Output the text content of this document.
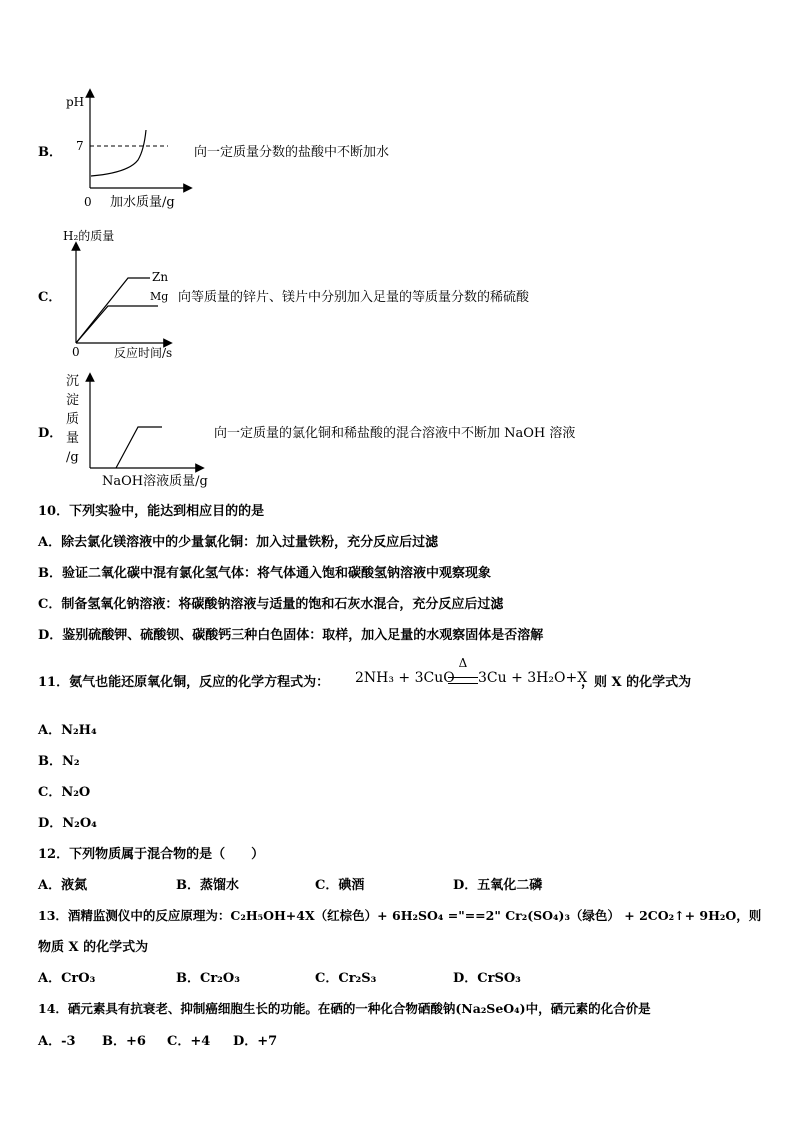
B．
pH
7
0 加水质量/g
向一定质量分数的盐酸中不断加水
C．
H₂的质量
Zn
Mg
0	反应时间/s
向等质量的锌片、镁片中分别加入足量的等质量分数的稀硫酸
D．
沉
淀
质
量
/g
NaOH溶液质量/g
向一定质量的氯化铜和稀盐酸的混合溶液中不断加 NaOH 溶液
10．下列实验中，能达到相应目的的是
A．除去氯化镁溶液中的少量氯化铜：加入过量铁粉，充分反应后过滤
B．验证二氧化碳中混有氯化氢气体：将气体通入饱和碳酸氢钠溶液中观察现象
C．制备氢氧化钠溶液：将碳酸钠溶液与适量的饱和石灰水混合，充分反应后过滤
D．鉴别硫酸钾、硫酸钡、碳酸钙三种白色固体：取样，加入足量的水观察固体是否溶解
11．氨气也能还原氧化铜，反应的化学方程式为： 2NH₃ + 3CuO
Δ
3Cu + 3H₂O+X
，则 X 的化学式为
A．N₂H₄
B．N₂
C．N₂O
D．N₂O₄
12．下列物质属于混合物的是（　　）
A．液氮	B．蒸馏水	C．碘酒	D．五氧化二磷
13．酒精监测仪中的反应原理为：C₂H₅OH+4X（红棕色）+ 6H₂SO₄ ="==2" Cr₂(SO₄)₃（绿色） + 2CO₂↑+ 9H₂O，则
物质 X 的化学式为
A．CrO₃	B．Cr₂O₃	C．Cr₂S₃	D．CrSO₃
14．硒元素具有抗衰老、抑制癌细胞生长的功能。在硒的一种化合物硒酸钠(Na₂SeO₄)中，硒元素的化合价是
A．-3 B．+6 C．+4 D．+7
